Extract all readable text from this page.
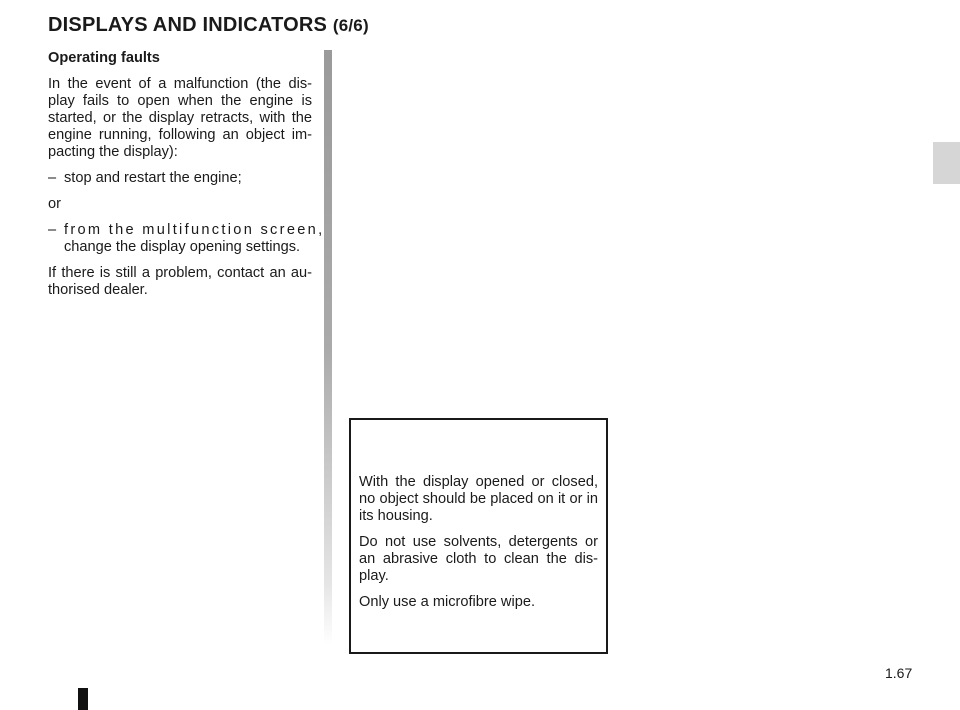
DISPLAYS AND INDICATORS (6/6)

Operating faults

In the event of a malfunction (the dis-play fails to open when the engine is started, or the display retracts, with the engine running, following an object im-pacting the display):

– stop and restart the engine;

or

– from the multifunction screen,
change the display opening settings.

If there is still a problem, contact an au-thorised dealer.

With the display opened or closed, no object should be placed on it or in its housing.

Do not use solvents, detergents or an abrasive cloth to clean the dis-play.

Only use a microfibre wipe.

1.67
